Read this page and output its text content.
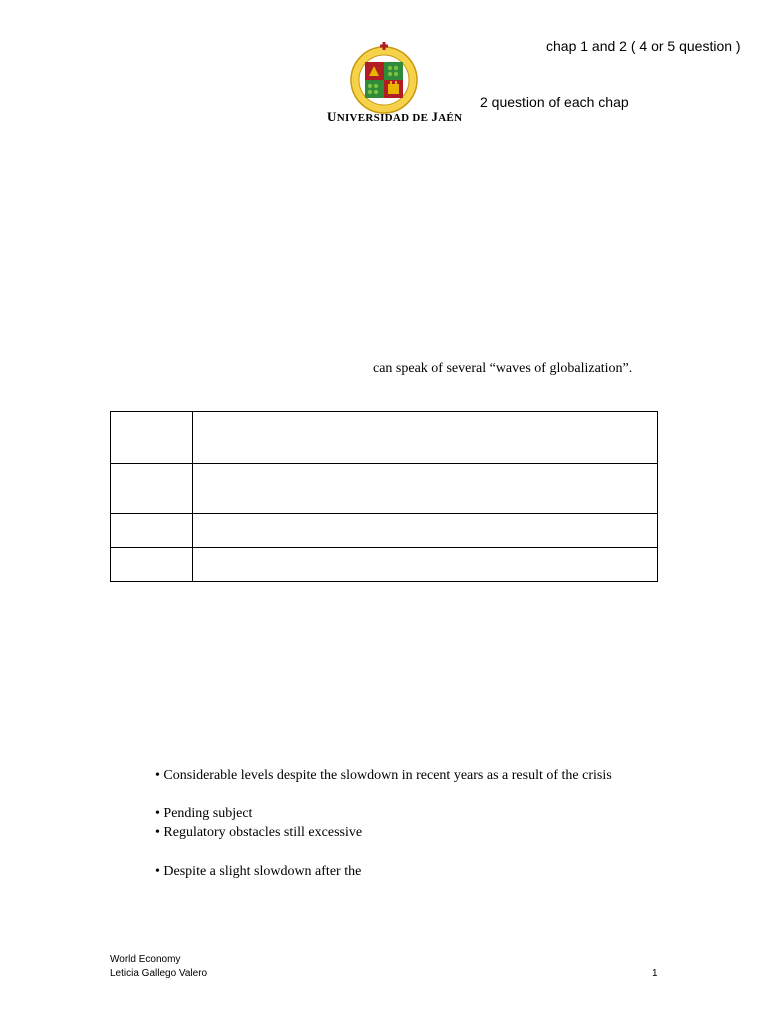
chap 1 and 2 ( 4 or 5 question )
2 question of each chap
UNIVERSIDAD DE JAÉN
can speak of several “waves of globalization”.

• Considerable levels despite the slowdown in recent years as a result of the crisis
• Pending subject
• Regulatory obstacles still excessive
• Despite a slight slowdown after the
World Economy
Leticia Gallego Valero	1
